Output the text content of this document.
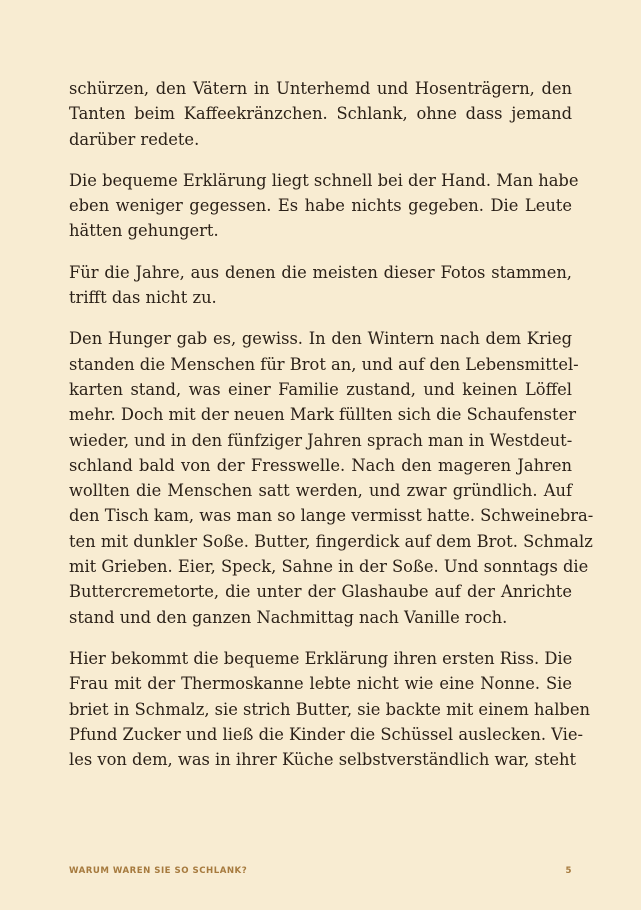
schürzen, den Vätern in Unterhemd und Hosenträgern, den
Tanten beim Kaffeekränzchen. Schlank, ohne dass jemand
darüber redete.

Die bequeme Erklärung liegt schnell bei der Hand. Man habe
eben weniger gegessen. Es habe nichts gegeben. Die Leute
hätten gehungert.

Für die Jahre, aus denen die meisten dieser Fotos stammen,
trifft das nicht zu.

Den Hunger gab es, gewiss. In den Wintern nach dem Krieg
standen die Menschen für Brot an, und auf den Lebensmittel-
karten stand, was einer Familie zustand, und keinen Löffel
mehr. Doch mit der neuen Mark füllten sich die Schaufenster
wieder, und in den fünfziger Jahren sprach man in Westdeut-
schland bald von der Fresswelle. Nach den mageren Jahren
wollten die Menschen satt werden, und zwar gründlich. Auf
den Tisch kam, was man so lange vermisst hatte. Schweinebra-
ten mit dunkler Soße. Butter, fingerdick auf dem Brot. Schmalz
mit Grieben. Eier, Speck, Sahne in der Soße. Und sonntags die
Buttercremetorte, die unter der Glashaube auf der Anrichte
stand und den ganzen Nachmittag nach Vanille roch.

Hier bekommt die bequeme Erklärung ihren ersten Riss. Die
Frau mit der Thermoskanne lebte nicht wie eine Nonne. Sie
briet in Schmalz, sie strich Butter, sie backte mit einem halben
Pfund Zucker und ließ die Kinder die Schüssel auslecken. Vie-
les von dem, was in ihrer Küche selbstverständlich war, steht

WARUM WAREN SIE SO SCHLANK?	5
